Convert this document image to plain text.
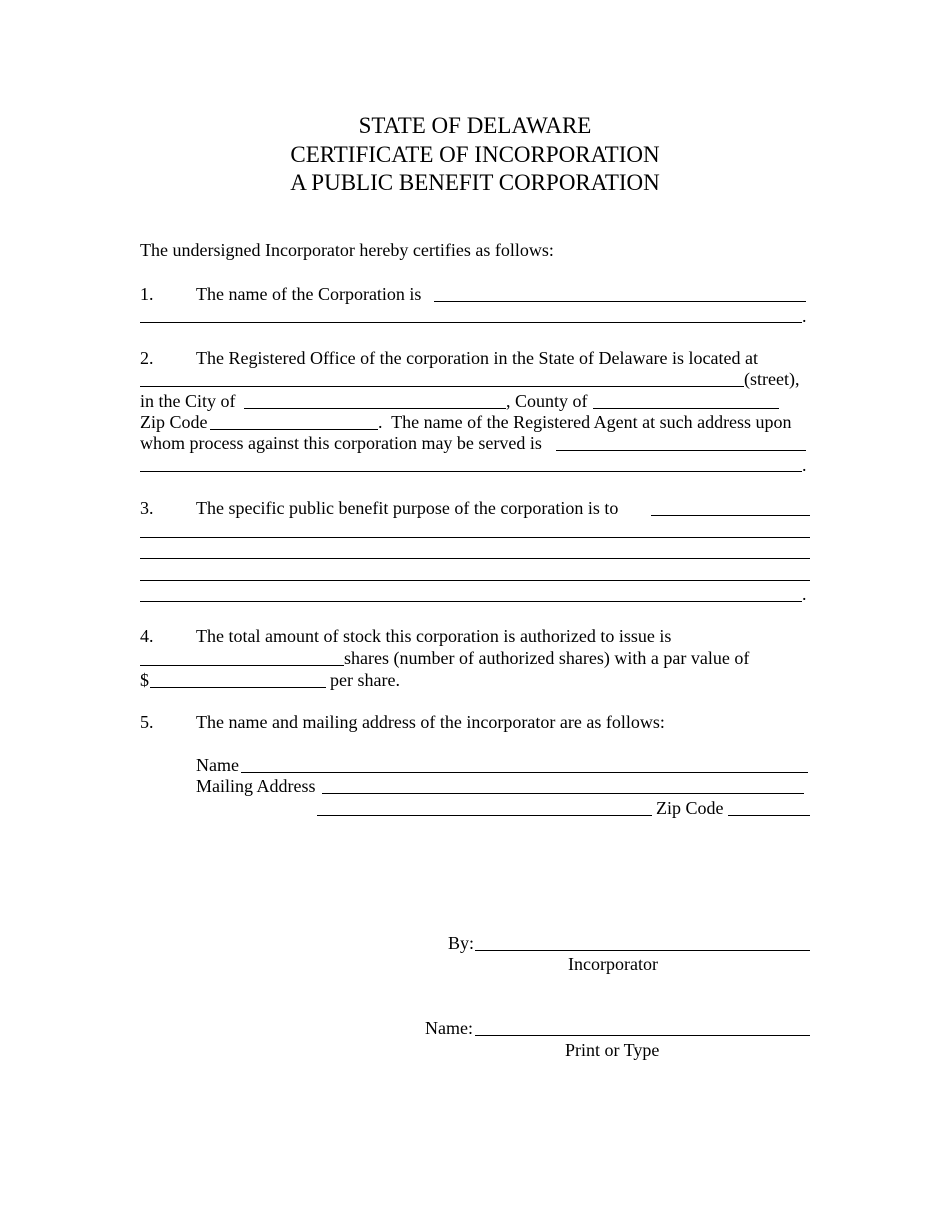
STATE OF DELAWARE
CERTIFICATE OF INCORPORATION
A PUBLIC BENEFIT CORPORATION
The undersigned Incorporator hereby certifies as follows:
1. The name of the Corporation is
.
2. The Registered Office of the corporation in the State of Delaware is located at
(street),
in the City of	, County of
Zip Code	.  The name of the Registered Agent at such address upon
whom process against this corporation may be served is
.
3. The specific public benefit purpose of the corporation is to
.
4. The total amount of stock this corporation is authorized to issue is
shares (number of authorized shares) with a par value of
$	per share.
5. The name and mailing address of the incorporator are as follows:
Name
Mailing Address
Zip Code
By:
Incorporator
Name:
Print or Type
